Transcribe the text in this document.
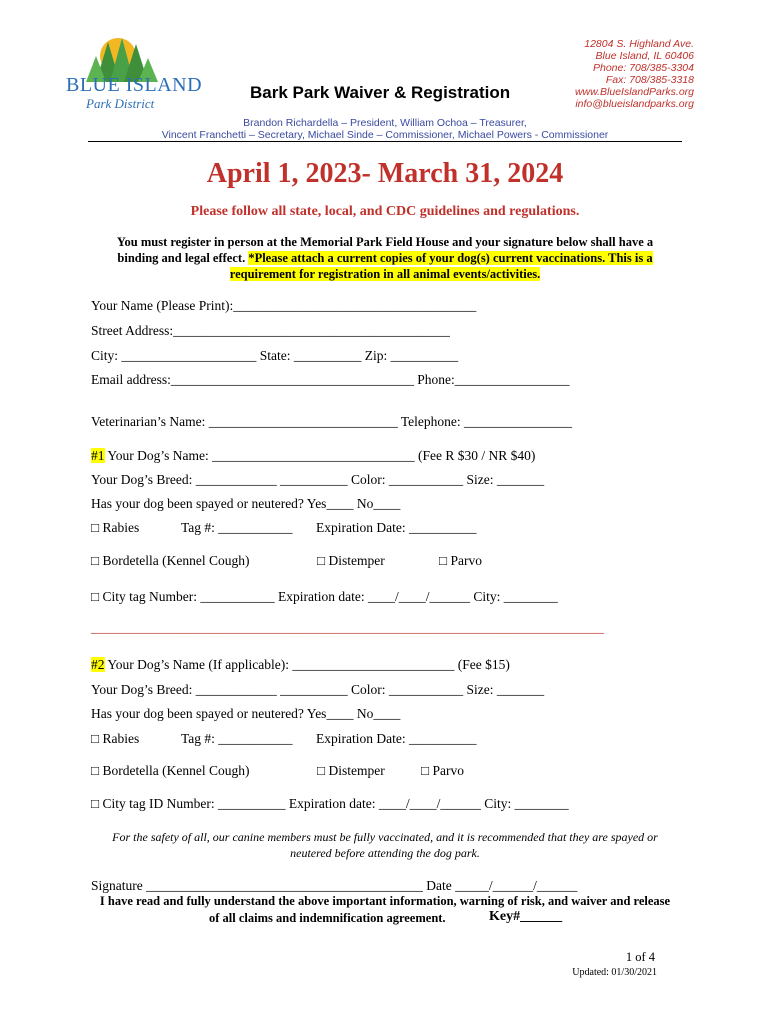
BLUE ISLAND
Park District
Bark Park Waiver & Registration
12804 S. Highland Ave.
Blue Island, IL 60406
Phone: 708/385-3304
Fax: 708/385-3318
www.BlueIslandParks.org
info@blueislandparks.org
Brandon Richardella – President, William Ochoa – Treasurer,
Vincent Franchetti – Secretary, Michael Sinde – Commissioner, Michael Powers - Commissioner
April 1, 2023- March 31, 2024
Please follow all state, local, and CDC guidelines and regulations.
You must register in person at the Memorial Park Field House and your signature below shall have a
binding and legal effect. *Please attach a current copies of your dog(s) current vaccinations. This is a
requirement for registration in all animal events/activities.
Your Name (Please Print):____________________________________
Street Address:_________________________________________
City: ____________________ State: __________ Zip: __________
Email address:____________________________________ Phone:_________________
Veterinarian’s Name: ____________________________ Telephone: ________________
#1 Your Dog’s Name: ______________________________ (Fee R $30 / NR $40)
Your Dog’s Breed: ____________ __________ Color: ___________ Size: _______
Has your dog been spayed or neutered? Yes____ No____
□ Rabies	Tag #: ___________ Expiration Date: __________
□ Bordetella (Kennel Cough)	□ Distemper	□ Parvo
□ City tag Number: ___________ Expiration date: ____/____/______ City: ________
____________________________________________________________________________
#2 Your Dog’s Name (If applicable): ________________________ (Fee $15)
Your Dog’s Breed: ____________ __________ Color: ___________ Size: _______
Has your dog been spayed or neutered? Yes____ No____
□ Rabies	Tag #: ___________ Expiration Date: __________
□ Bordetella (Kennel Cough)	□ Distemper	□ Parvo
□ City tag ID Number: __________ Expiration date: ____/____/______ City: ________
For the safety of all, our canine members must be fully vaccinated, and it is recommended that they are spayed or
neutered before attending the dog park.
Signature _________________________________________ Date _____/______/______
I have read and fully understand the above important information, warning of risk, and waiver and release
of all claims and indemnification agreement.	Key#______
1 of 4
Updated: 01/30/2021
